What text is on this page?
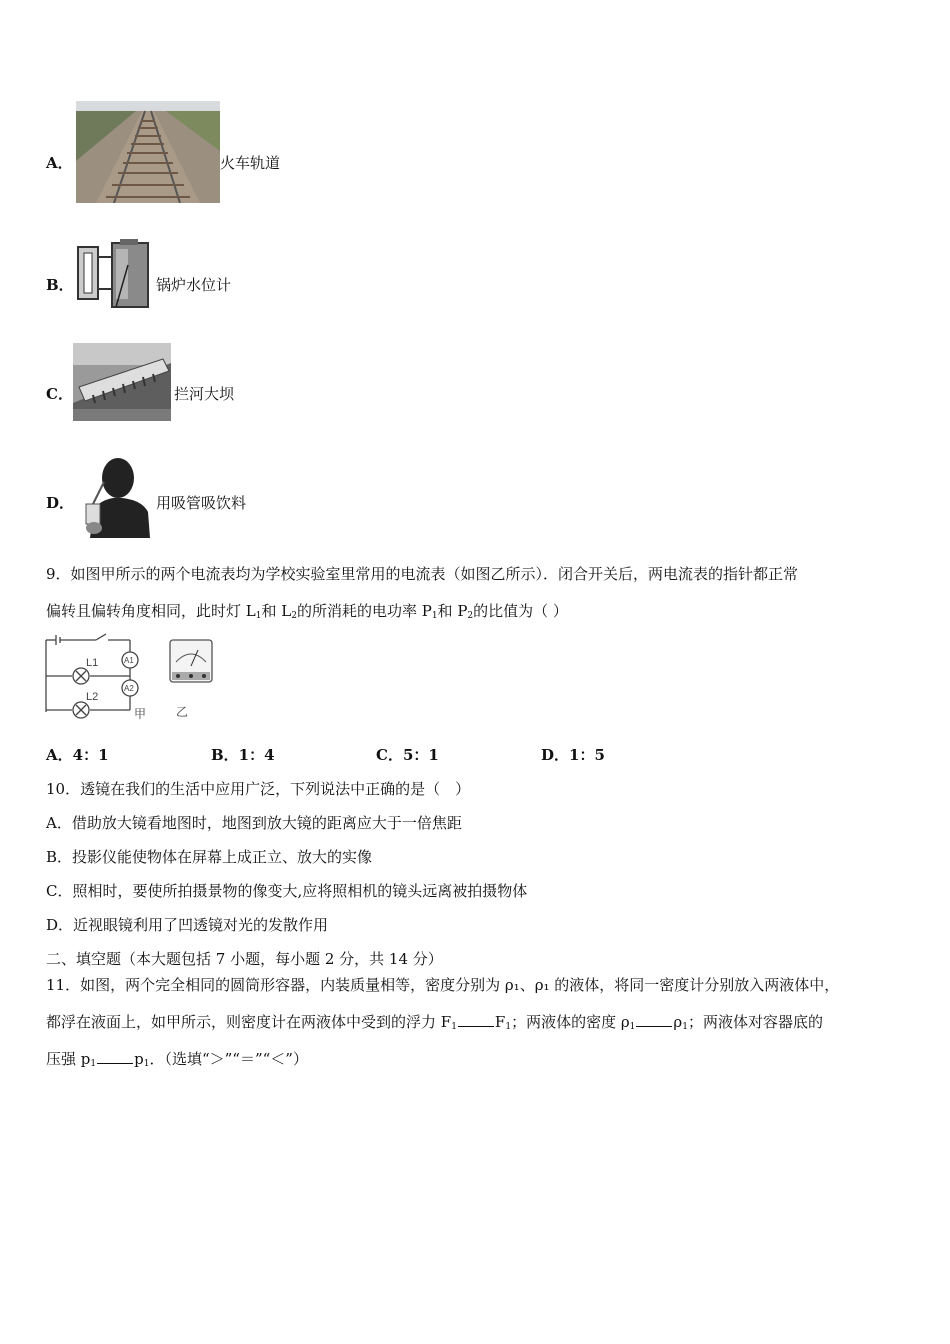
A．	火车轨道
B．	锅炉水位计
C．	拦河大坝
D．	用吸管吸饮料
9．如图甲所示的两个电流表均为学校实验室里常用的电流表（如图乙所示）．闭合开关后，两电流表的指针都正常
偏转且偏转角度相同，此时灯 $L_1$和 $L_2$的所消耗的电功率 $P_1$和 $P_2$的比值为（ ）
L1
L2
A1
A2
甲 乙
A．4：1	B．1：4	C．5：1	D．1：5
10．透镜在我们的生活中应用广泛，下列说法中正确的是（　）
A．借助放大镜看地图时，地图到放大镜的距离应大于一倍焦距
B．投影仪能使物体在屏幕上成正立、放大的实像
C．照相时，要使所拍摄景物的像变大,应将照相机的镜头远离被拍摄物体
D．近视眼镜利用了凹透镜对光的发散作用
二、填空题（本大题包括 7 小题，每小题 2 分，共 14 分）
11．如图，两个完全相同的圆筒形容器，内装质量相等，密度分别为 ρ₁、ρ₁ 的液体，将同一密度计分别放入两液体中，
都浮在液面上，如甲所示，则密度计在两液体中受到的浮力 $F_1$	$F_1$；两液体的密度 $\rho_1$	$\rho_1$；两液体对容器底的
压强 $p_1$	$p_1$．（选填“＞”“＝”“＜”）
